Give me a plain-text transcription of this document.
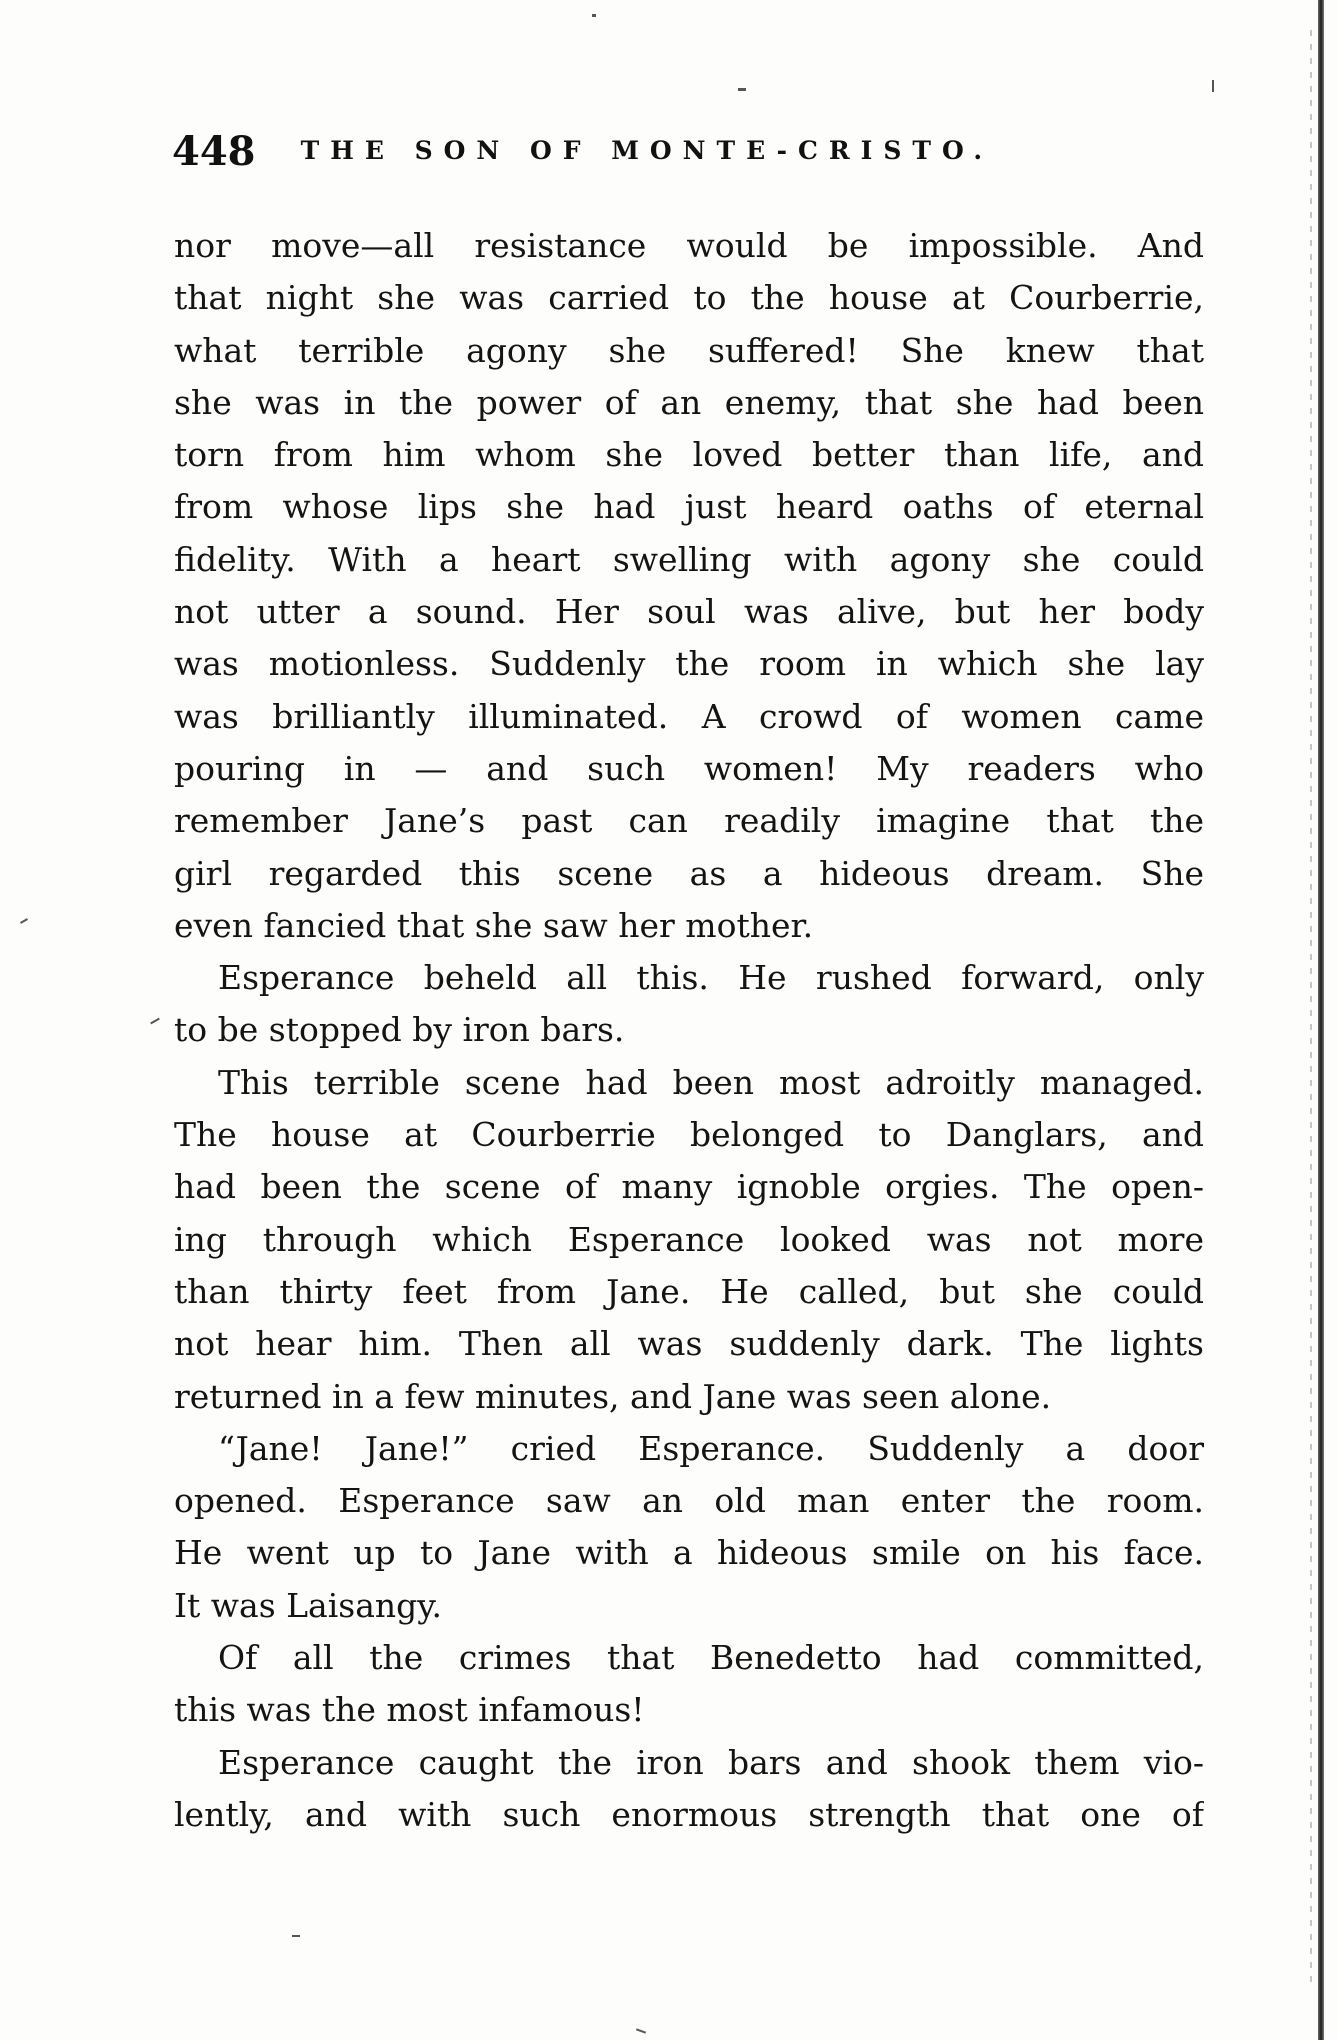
448 THE SON OF MONTE-CRISTO.
nor move—all resistance would be impossible. And
that night she was carried to the house at Courberrie,
what terrible agony she suffered! She knew that
she was in the power of an enemy, that she had been
torn from him whom she loved better than life, and
from whose lips she had just heard oaths of eternal
fidelity. With a heart swelling with agony she could
not utter a sound. Her soul was alive, but her body
was motionless. Suddenly the room in which she lay
was brilliantly illuminated. A crowd of women came
pouring in — and such women! My readers who
remember Jane’s past can readily imagine that the
girl regarded this scene as a hideous dream. She
even fancied that she saw her mother.
Esperance beheld all this. He rushed forward, only
to be stopped by iron bars.
This terrible scene had been most adroitly managed.
The house at Courberrie belonged to Danglars, and
had been the scene of many ignoble orgies. The open-
ing through which Esperance looked was not more
than thirty feet from Jane. He called, but she could
not hear him. Then all was suddenly dark. The lights
returned in a few minutes, and Jane was seen alone.
“Jane! Jane!” cried Esperance. Suddenly a door
opened. Esperance saw an old man enter the room.
He went up to Jane with a hideous smile on his face.
It was Laisangy.
Of all the crimes that Benedetto had committed,
this was the most infamous!
Esperance caught the iron bars and shook them vio-
lently, and with such enormous strength that one of
